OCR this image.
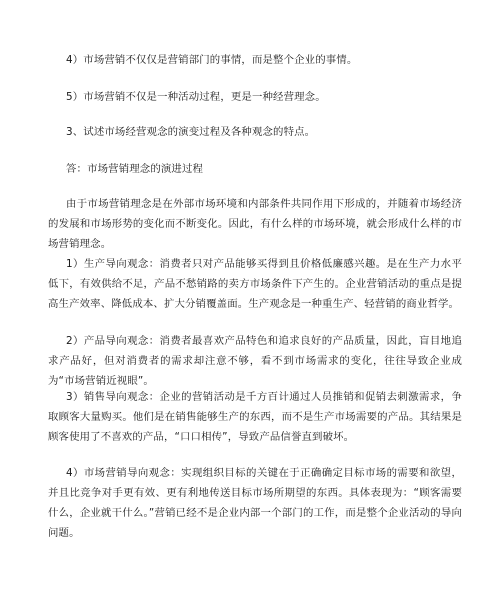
4）市场营销不仅仅是营销部门的事情，而是整个企业的事情。

5）市场营销不仅是一种活动过程，更是一种经营理念。

3、试述市场经营观念的演变过程及各种观念的特点。

答：市场营销理念的演进过程

由于市场营销理念是在外部市场环境和内部条件共同作用下形成的，并随着市场经济的发展和市场形势的变化而不断变化。因此，有什么样的市场环境，就会形成什么样的市场营销理念。

1）生产导向观念：消费者只对产品能够买得到且价格低廉感兴趣。是在生产力水平低下，有效供给不足，产品不愁销路的卖方市场条件下产生的。企业营销活动的重点是提高生产效率、降低成本、扩大分销覆盖面。生产观念是一种重生产、轻营销的商业哲学。

2）产品导向观念：消费者最喜欢产品特色和追求良好的产品质量，因此，盲目地追求产品好，但对消费者的需求却注意不够，看不到市场需求的变化，往往导致企业成为“市场营销近视眼”。

3）销售导向观念：企业的营销活动是千方百计通过人员推销和促销去刺激需求，争取顾客大量购买。他们是在销售能够生产的东西，而不是生产市场需要的产品。其结果是顾客使用了不喜欢的产品，“口口相传”，导致产品信誉直到破坏。

4）市场营销导向观念：实现组织目标的关键在于正确确定目标市场的需要和欲望，并且比竞争对手更有效、更有利地传送目标市场所期望的东西。具体表现为：“顾客需要什么，企业就干什么。”营销已经不是企业内部一个部门的工作，而是整个企业活动的导向问题。
